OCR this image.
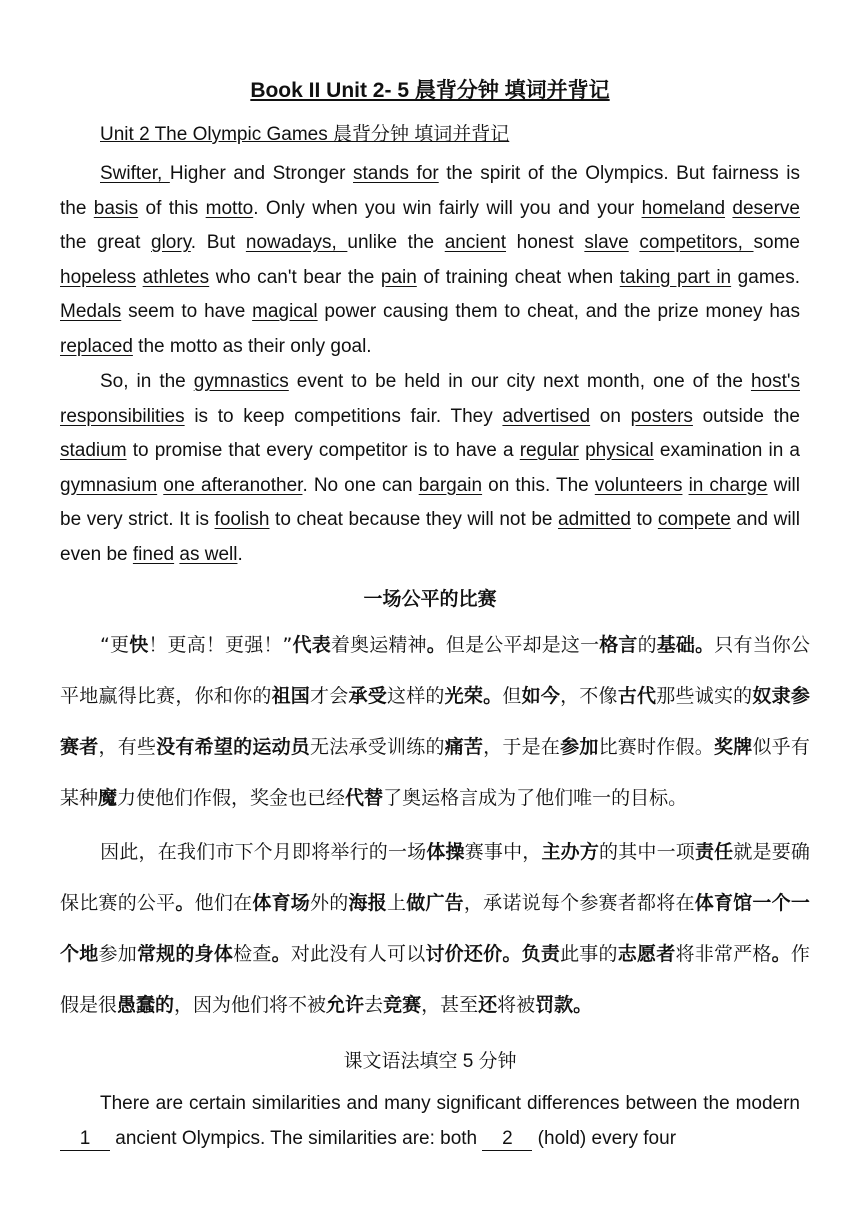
Book II Unit 2- 5 晨背分钟 填词并背记
Unit 2 The Olympic Games 晨背分钟 填词并背记

Swifter, Higher and Stronger stands for the spirit of the Olympics. But fairness is the basis of this motto. Only when you win fairly will you and your homeland deserve the great glory. But nowadays, unlike the ancient honest slave competitors, some hopeless athletes who can't bear the pain of training cheat when taking part in games. Medals seem to have magical power causing them to cheat, and the prize money has replaced the motto as their only goal.

So, in the gymnastics event to be held in our city next month, one of the host's responsibilities is to keep competitions fair. They advertised on posters outside the stadium to promise that every competitor is to have a regular physical examination in a gymnasium one afteranother. No one can bargain on this. The volunteers in charge will be very strict. It is foolish to cheat because they will not be admitted to compete and will even be fined as well.

一场公平的比赛

“更快！更高！更强！”代表着奥运精神。但是公平却是这一格言的基础。只有当你公平地赢得比赛，你和你的祖国才会承受这样的光荣。但如今，不像古代那些诚实的奴隶参赛者，有些没有希望的运动员无法承受训练的痛苦，于是在参加比赛时作假。奖牌似乎有某种魔力使他们作假，奖金也已经代替了奥运格言成为了他们唯一的目标。

因此，在我们市下个月即将举行的一场体操赛事中，主办方的其中一项责任就是要确保比赛的公平。他们在体育场外的海报上做广告，承诺说每个参赛者都将在体育馆一个一个地参加常规的身体检查。对此没有人可以讨价还价。负责此事的志愿者将非常严格。作假是很愚蠢的，因为他们将不被允许去竞赛，甚至还将被罚款。

课文语法填空 5 分钟

There are certain similarities and many significant differences between the modern 1 ancient Olympics. The similarities are: both 2 (hold) every four
